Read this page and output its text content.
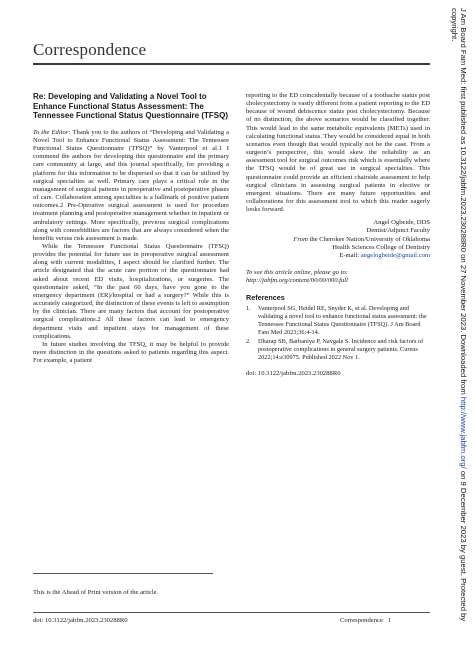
Correspondence
Re: Developing and Validating a Novel Tool to Enhance Functional Status Assessment: The Tennessee Functional Status Questionnaire (TFSQ)

To the Editor: Thank you to the authors of “Developing and Validating a Novel Tool to Enhance Functional Status Assessment: The Tennessee Functional Status Questionnaire (TFSQ)” by Vanterpool et al.1 I commend the authors for developing this questionnaire and the primary care community at large, and this journal specifically, for providing a platform for this information to be dispersed so that it can be utilized by surgical specialties as well. Primary care plays a critical role in the management of surgical patients in preoperative and postoperative phases of care. Collaboration among specialties is a hallmark of positive patient outcomes.2 Pre-Operative surgical assessment is used for procedure treatment planning and postoperative management whether in inpatient or ambulatory settings. More specifically, previous surgical complications along with comorbidities are factors that are always considered when the benefits versus risk assessment is made.

While the Tennessee Functional Status Questionnaire (TFSQ) provides the potential for future use in preoperative surgical assessment along with current modalities, I aspect should be clarified further. The article designated that the acute care portion of the questionnaire had asked about recent ED visits, hospitalizations, or surgeries. The questionnaire asked, “In the past 60 days, have you gone to the emergency department (ER)/hospital or had a surgery?” While this is accurately categorized, the distinction of these events is left to assumption by the clinician. There are many factors that account for postoperative surgical complications.2 All these factors can lead to emergency department visits and inpatient stays for management of these complications.

In future studies involving the TFSQ, it may be helpful to provide more distinction in the questions asked to patients regarding this aspect. For example, a patient

reporting to the ED coincidentally because of a toothache status post cholecystectomy is vastly different from a patient reporting to the ED because of wound dehiscence status post cholecystectomy. Because of no distinction, the above scenarios would be classified together. This would lead to the same metabolic equivalents (METs) used in calculating functional status. They would be considered equal in both scenarios even though that would typically not be the case. From a surgeon’s perspective, this would skew the reliability as an assessment tool for surgical outcomes risk which is essentially where the TFSQ would be of great use in surgical specialties. This questionnaire could provide an efficient chairside assessment to help surgical clinicians in assessing surgical patients in elective or emergent situations. There are many future opportunities and collaborations for this assessment tool to which this reader eagerly looks forward.

Angel Ogbeide, DDS
Dentist/Adjunct Faculty
From the Cherokee Nation/University of Oklahoma
Health Sciences College of Dentistry
E-mail: angelogbeide@gmail.com
To see this article online, please go to: http://jabfm.org/content/00/00/000.full
References
1.	Vanterpool SG, Heidel RE, Snyder K, et al. Developing and validating a novel tool to enhance functional status assessment: the Tennessee Functional Status Questionnaire (TFSQ). J Am Board Fam Med 2023;36:4-14.
2.	Dharap SB, Barbaniya P, Navgale S. Incidence and risk factors of postoperative complications in general surgery patients. Cureus 2022;14:e30975. Published 2022 Nov 1.
doi: 10.3122/jabfm.2023.230288R0
This is the Ahead of Print version of the article.
doi: 10.3122/jabfm.2023.230288R0	Correspondence 1
J Am Board Fam Med: first published as 10.3122/jabfm.2023.230288R0 on 27 November 2023. Downloaded from http://www.jabfm.org/ on 9 December 2023 by guest. Protected by copyright.
